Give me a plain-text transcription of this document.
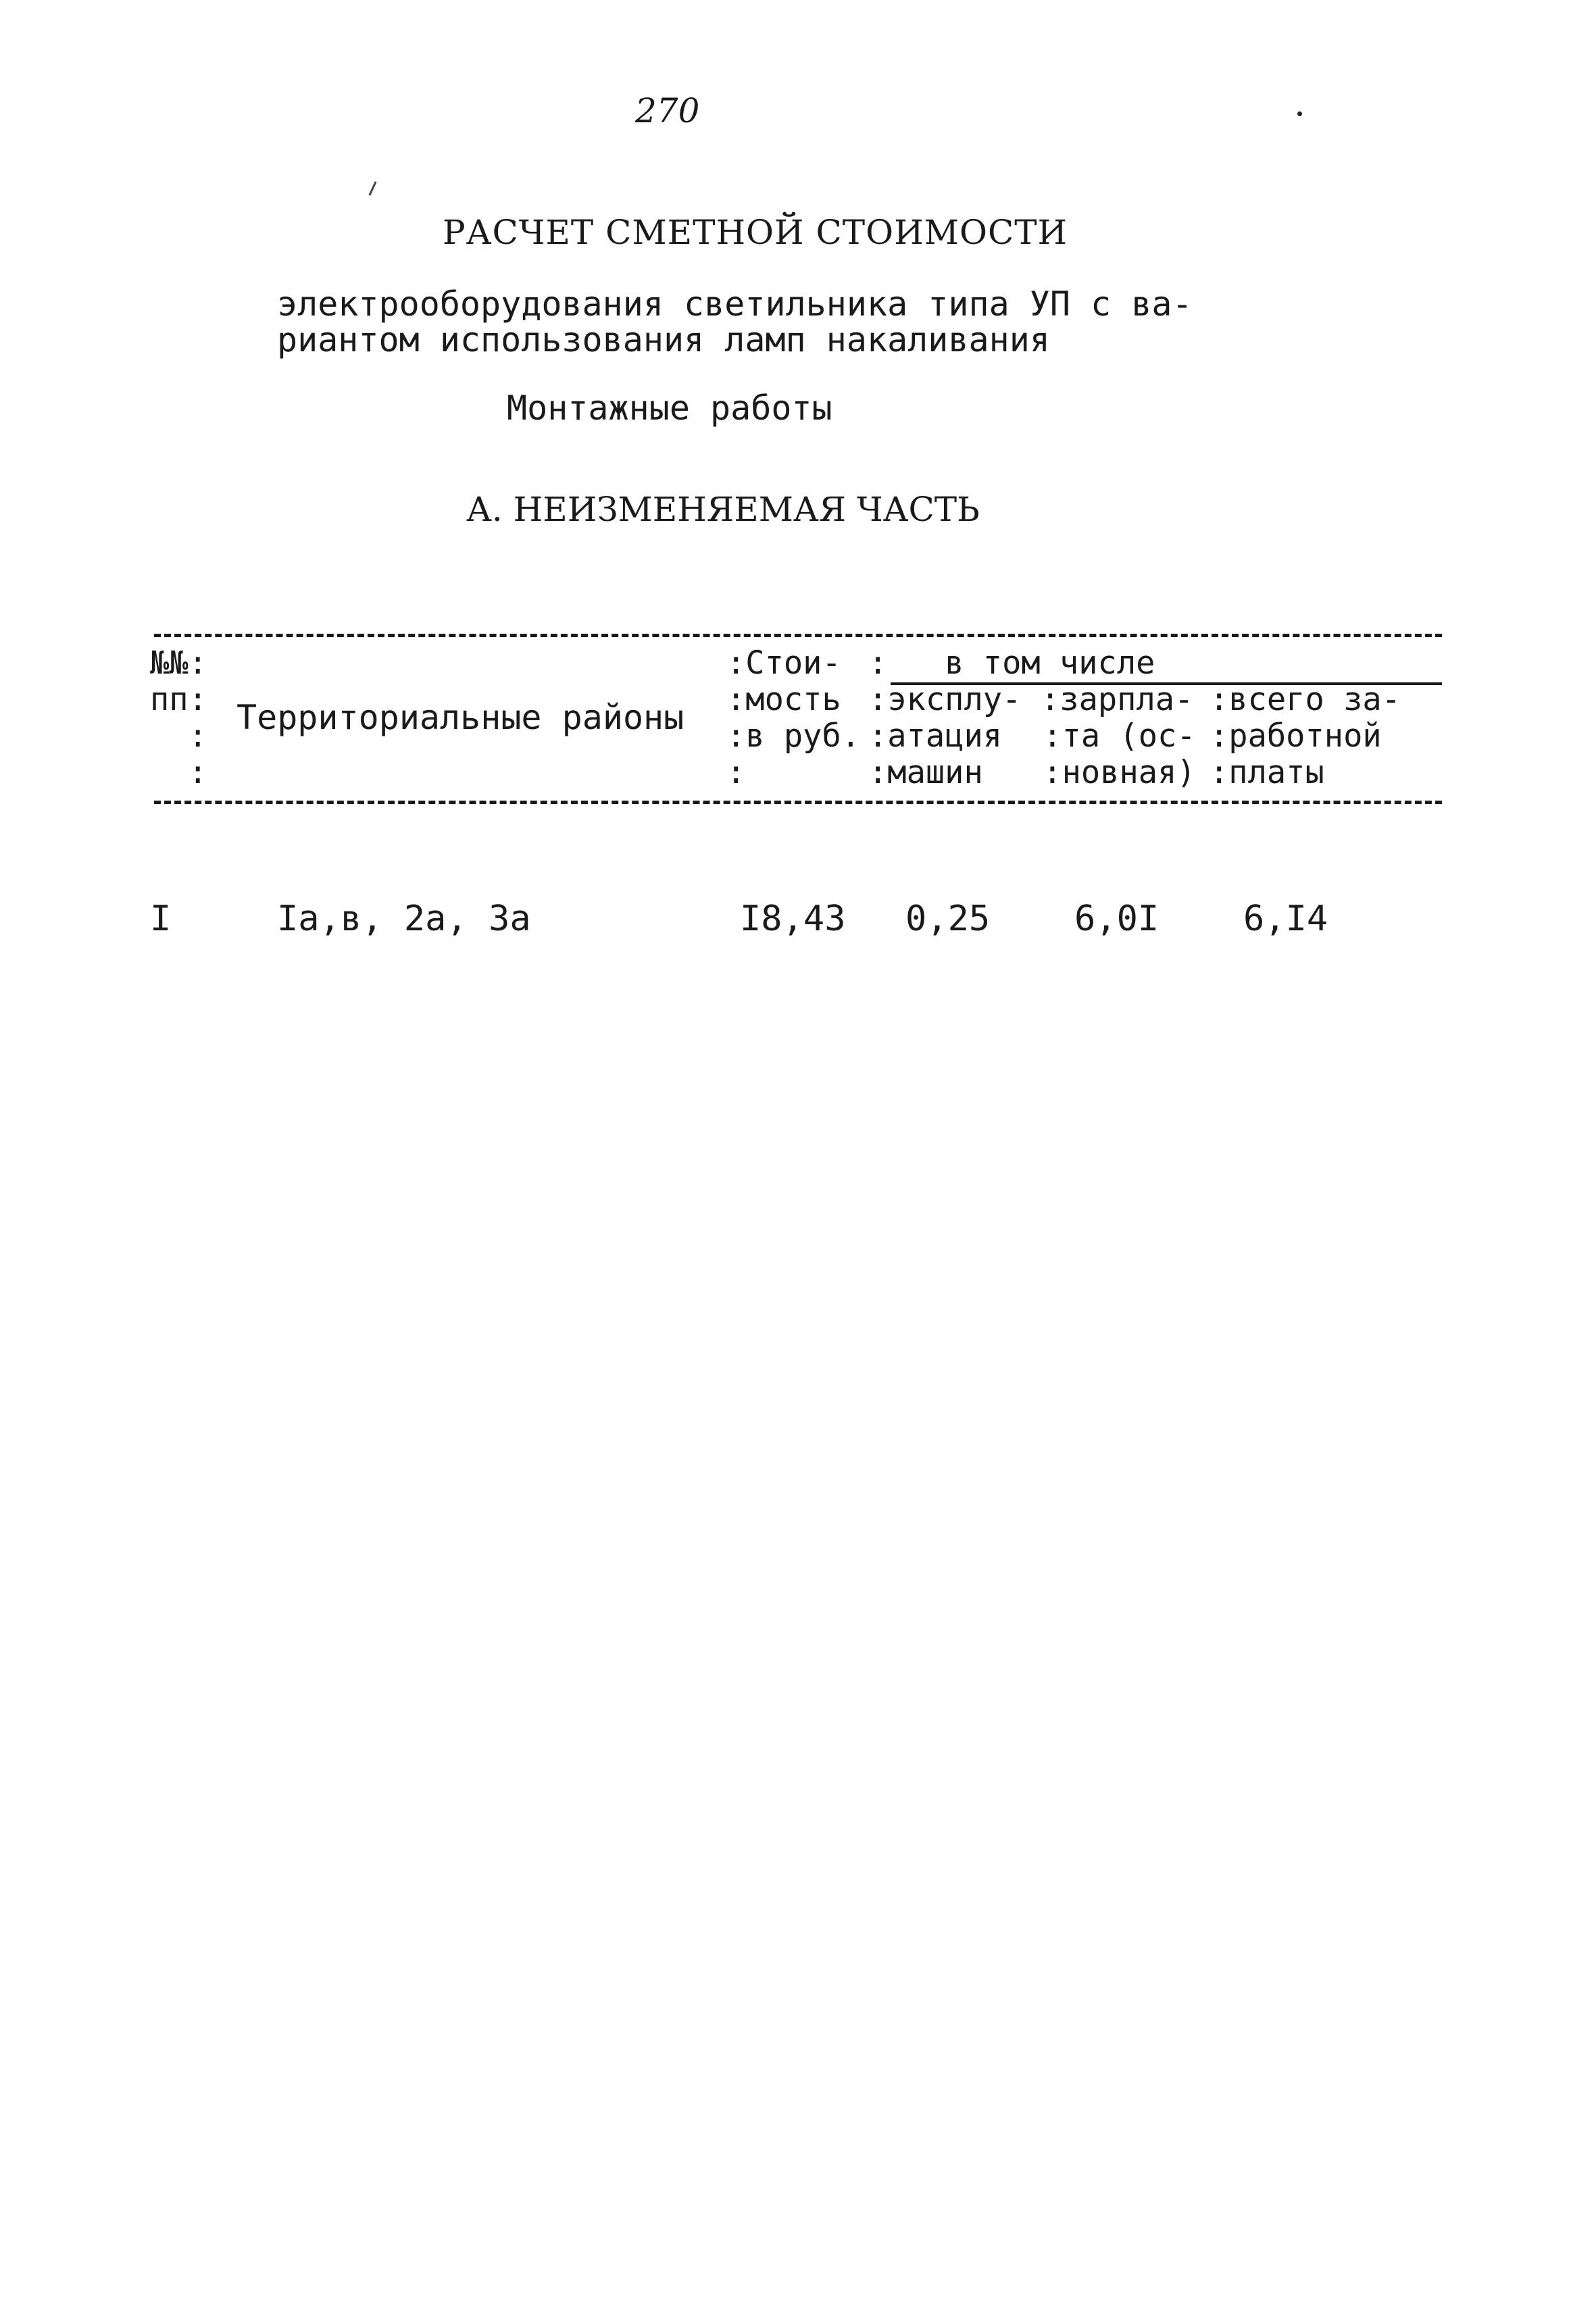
270
РАСЧЕТ СМЕТНОЙ СТОИМОСТИ
электрооборудования светильника типа УП с ва-
риантом использования ламп накаливания
Монтажные работы
А. НЕИЗМЕНЯЕМАЯ ЧАСТЬ
№№:
пп:
:
:
Территориальные районы
:Стои-
:мость
:в руб.
:
:   в том числе
:эксплу-
:атация
:машин
:зарпла-
:та (ос-
:новная)
:всего за-
:работной
:платы
I	Iа,в, 2а, 3а	I8,43 0,25 6,0I 6,I4
